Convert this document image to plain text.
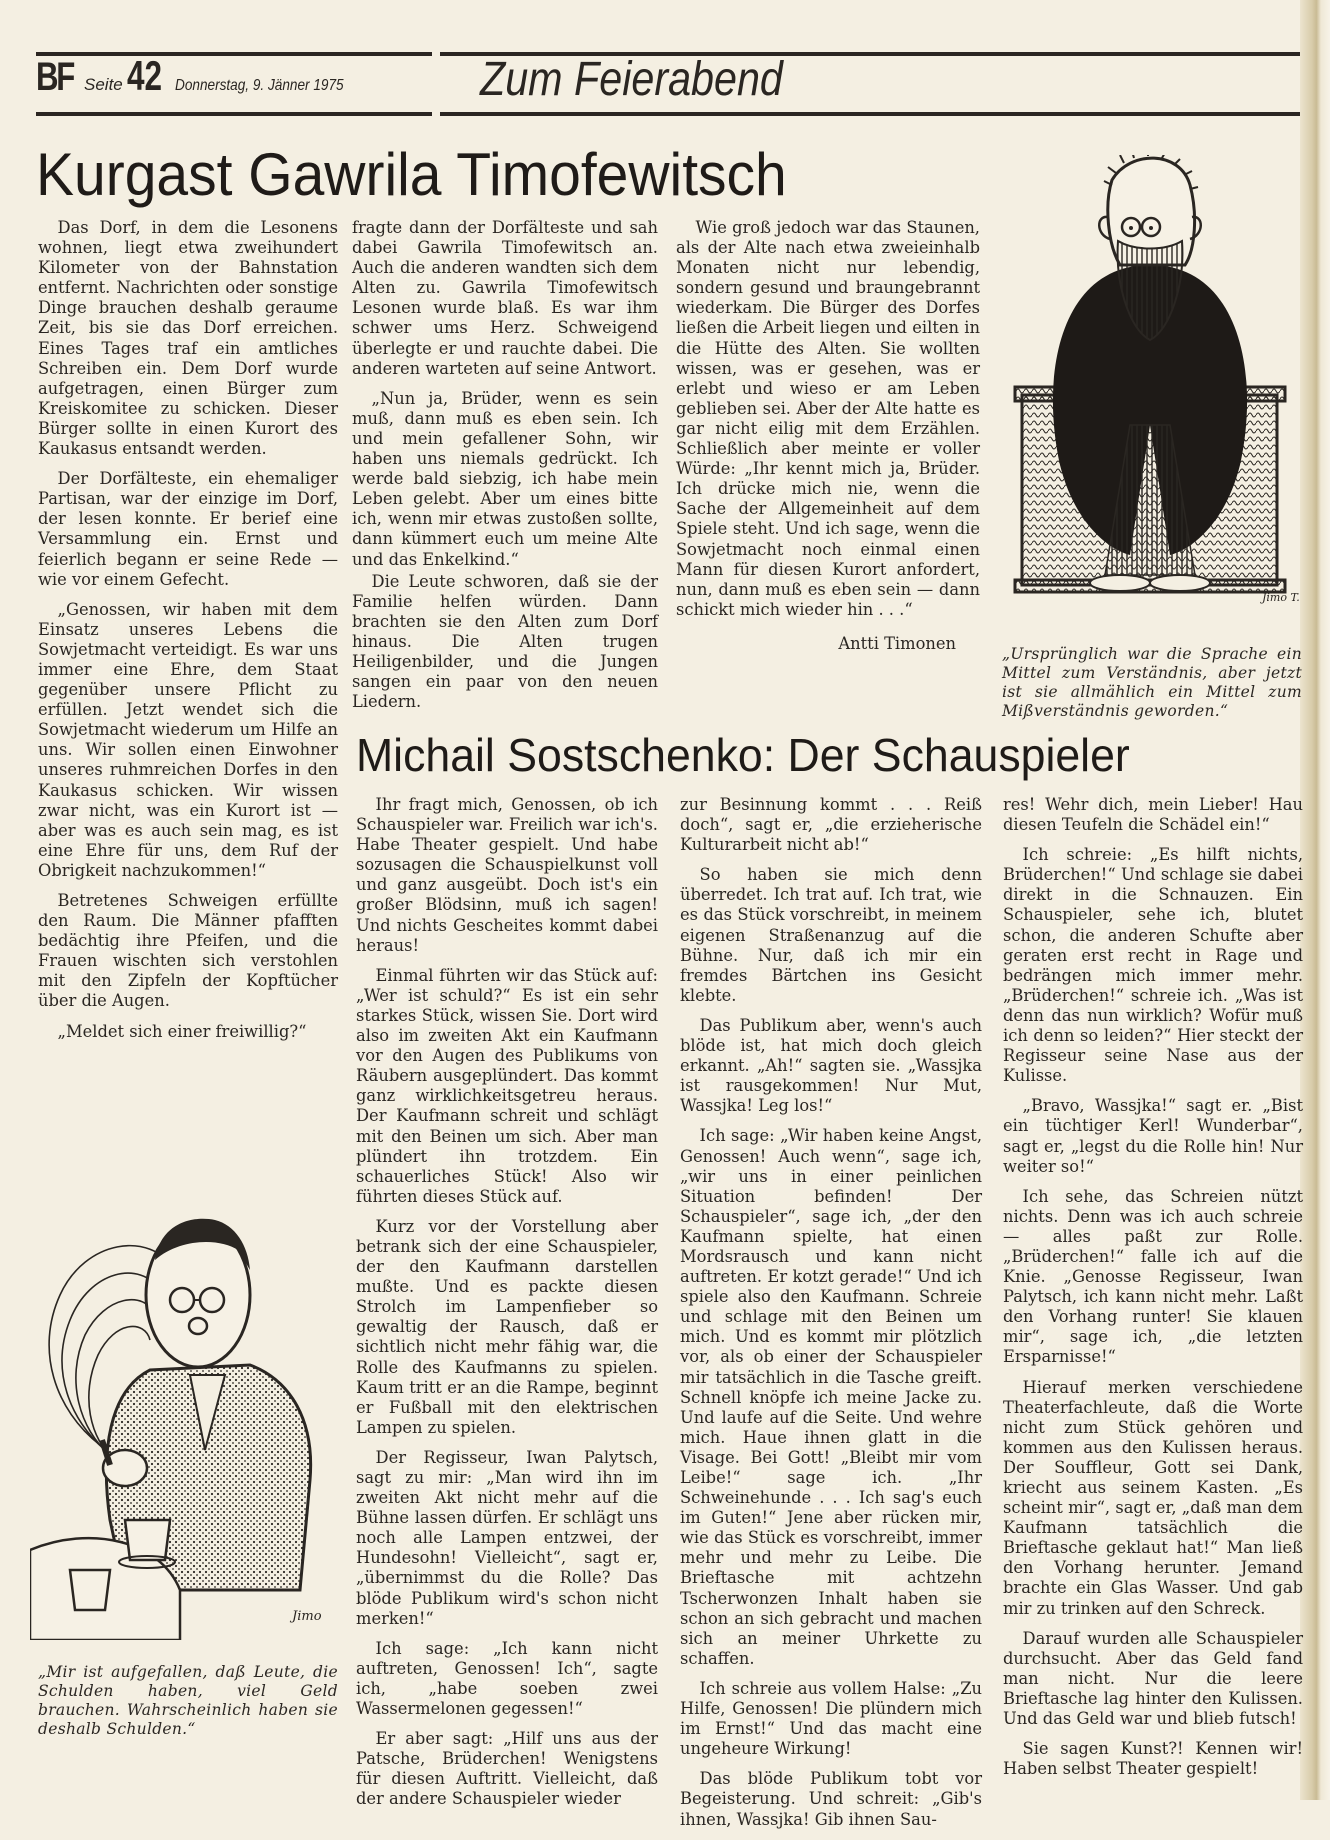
BF Seite 42 Donnerstag, 9. Jänner 1975	Zum Feierabend
Kurgast Gawrila Timofewitsch

Das Dorf, in dem die Lesonens wohnen, liegt etwa zweihundert Kilometer von der Bahnstation entfernt. Nachrichten oder sonstige Dinge brauchen deshalb geraume Zeit, bis sie das Dorf erreichen. Eines Tages traf ein amtliches Schreiben ein. Dem Dorf wurde aufgetragen, einen Bürger zum Kreiskomitee zu schicken. Dieser Bürger sollte in einen Kurort des Kaukasus entsandt werden.

Der Dorfälteste, ein ehemaliger Partisan, war der einzige im Dorf, der lesen konnte. Er berief eine Versammlung ein. Ernst und feierlich begann er seine Rede — wie vor einem Gefecht.

„Genossen, wir haben mit dem Einsatz unseres Lebens die Sowjetmacht verteidigt. Es war uns immer eine Ehre, dem Staat gegenüber unsere Pflicht zu erfüllen. Jetzt wendet sich die Sowjetmacht wiederum um Hilfe an uns. Wir sollen einen Einwohner unseres ruhmreichen Dorfes in den Kaukasus schicken. Wir wissen zwar nicht, was ein Kurort ist — aber was es auch sein mag, es ist eine Ehre für uns, dem Ruf der Obrigkeit nachzukommen!“

Betretenes Schweigen erfüllte den Raum. Die Männer pfafften bedächtig ihre Pfeifen, und die Frauen wischten sich verstohlen mit den Zipfeln der Kopftücher über die Augen.

„Meldet sich einer freiwillig?“

fragte dann der Dorfälteste und sah dabei Gawrila Timofewitsch an. Auch die anderen wandten sich dem Alten zu. Gawrila Timofewitsch Lesonen wurde blaß. Es war ihm schwer ums Herz. Schweigend überlegte er und rauchte dabei. Die anderen warteten auf seine Antwort.

„Nun ja, Brüder, wenn es sein muß, dann muß es eben sein. Ich und mein gefallener Sohn, wir haben uns niemals gedrückt. Ich werde bald siebzig, ich habe mein Leben gelebt. Aber um eines bitte ich, wenn mir etwas zustoßen sollte, dann kümmert euch um meine Alte und das Enkelkind.“

Die Leute schworen, daß sie der Familie helfen würden. Dann brachten sie den Alten zum Dorf hinaus. Die Alten trugen Heiligenbilder, und die Jungen sangen ein paar von den neuen Liedern.

Wie groß jedoch war das Staunen, als der Alte nach etwa zweieinhalb Monaten nicht nur lebendig, sondern gesund und braungebrannt wiederkam. Die Bürger des Dorfes ließen die Arbeit liegen und eilten in die Hütte des Alten. Sie wollten wissen, was er gesehen, was er erlebt und wieso er am Leben geblieben sei. Aber der Alte hatte es gar nicht eilig mit dem Erzählen. Schließlich aber meinte er voller Würde: „Ihr kennt mich ja, Brüder. Ich drücke mich nie, wenn die Sache der Allgemeinheit auf dem Spiele steht. Und ich sage, wenn die Sowjetmacht noch einmal einen Mann für diesen Kurort anfordert, nun, dann muß es eben sein — dann schickt mich wieder hin . . .“

Antti Timonen

Jimo T.
„Ursprünglich war die Sprache ein Mittel zum Verständnis, aber jetzt ist sie allmählich ein Mittel zum Mißverständnis geworden.“
Michail Sostschenko: Der Schauspieler

Ihr fragt mich, Genossen, ob ich Schauspieler war. Freilich war ich's. Habe Theater gespielt. Und habe sozusagen die Schauspielkunst voll und ganz ausgeübt. Doch ist's ein großer Blödsinn, muß ich sagen! Und nichts Gescheites kommt dabei heraus!

Einmal führten wir das Stück auf: „Wer ist schuld?“ Es ist ein sehr starkes Stück, wissen Sie. Dort wird also im zweiten Akt ein Kaufmann vor den Augen des Publikums von Räubern ausgeplündert. Das kommt ganz wirklichkeitsgetreu heraus. Der Kaufmann schreit und schlägt mit den Beinen um sich. Aber man plündert ihn trotzdem. Ein schauerliches Stück! Also wir führten dieses Stück auf.

Kurz vor der Vorstellung aber betrank sich der eine Schauspieler, der den Kaufmann darstellen mußte. Und es packte diesen Strolch im Lampenfieber so gewaltig der Rausch, daß er sichtlich nicht mehr fähig war, die Rolle des Kaufmanns zu spielen. Kaum tritt er an die Rampe, beginnt er Fußball mit den elektrischen Lampen zu spielen.

Der Regisseur, Iwan Palytsch, sagt zu mir: „Man wird ihn im zweiten Akt nicht mehr auf die Bühne lassen dürfen. Er schlägt uns noch alle Lampen entzwei, der Hundesohn! Vielleicht“, sagt er, „übernimmst du die Rolle? Das blöde Publikum wird's schon nicht merken!“

Ich sage: „Ich kann nicht auftreten, Genossen! Ich“, sagte ich, „habe soeben zwei Wassermelonen gegessen!“

Er aber sagt: „Hilf uns aus der Patsche, Brüderchen! Wenigstens für diesen Auftritt. Vielleicht, daß der andere Schauspieler wieder

zur Besinnung kommt . . . Reiß doch“, sagt er, „die erzieherische Kulturarbeit nicht ab!“

So haben sie mich denn überredet. Ich trat auf. Ich trat, wie es das Stück vorschreibt, in meinem eigenen Straßenanzug auf die Bühne. Nur, daß ich mir ein fremdes Bärtchen ins Gesicht klebte.

Das Publikum aber, wenn's auch blöde ist, hat mich doch gleich erkannt. „Ah!“ sagten sie. „Wassjka ist rausgekommen! Nur Mut, Wassjka! Leg los!“

Ich sage: „Wir haben keine Angst, Genossen! Auch wenn“, sage ich, „wir uns in einer peinlichen Situation befinden! Der Schauspieler“, sage ich, „der den Kaufmann spielte, hat einen Mordsrausch und kann nicht auftreten. Er kotzt gerade!“ Und ich spiele also den Kaufmann. Schreie und schlage mit den Beinen um mich. Und es kommt mir plötzlich vor, als ob einer der Schauspieler mir tatsächlich in die Tasche greift. Schnell knöpfe ich meine Jacke zu. Und laufe auf die Seite. Und wehre mich. Haue ihnen glatt in die Visage. Bei Gott! „Bleibt mir vom Leibe!“ sage ich. „Ihr Schweinehunde . . . Ich sag's euch im Guten!“ Jene aber rücken mir, wie das Stück es vorschreibt, immer mehr und mehr zu Leibe. Die Brieftasche mit achtzehn Tscherwonzen Inhalt haben sie schon an sich gebracht und machen sich an meiner Uhrkette zu schaffen.

Ich schreie aus vollem Halse: „Zu Hilfe, Genossen! Die plündern mich im Ernst!“ Und das macht eine ungeheure Wirkung!

Das blöde Publikum tobt vor Begeisterung. Und schreit: „Gib's ihnen, Wassjka! Gib ihnen Sau-

res! Wehr dich, mein Lieber! Hau diesen Teufeln die Schädel ein!“

Ich schreie: „Es hilft nichts, Brüderchen!“ Und schlage sie dabei direkt in die Schnauzen. Ein Schauspieler, sehe ich, blutet schon, die anderen Schufte aber geraten erst recht in Rage und bedrängen mich immer mehr. „Brüderchen!“ schreie ich. „Was ist denn das nun wirklich? Wofür muß ich denn so leiden?“ Hier steckt der Regisseur seine Nase aus der Kulisse.

„Bravo, Wassjka!“ sagt er. „Bist ein tüchtiger Kerl! Wunderbar“, sagt er, „legst du die Rolle hin! Nur weiter so!“

Ich sehe, das Schreien nützt nichts. Denn was ich auch schreie — alles paßt zur Rolle. „Brüderchen!“ falle ich auf die Knie. „Genosse Regisseur, Iwan Palytsch, ich kann nicht mehr. Laßt den Vorhang runter! Sie klauen mir“, sage ich, „die letzten Ersparnisse!“

Hierauf merken verschiedene Theaterfachleute, daß die Worte nicht zum Stück gehören und kommen aus den Kulissen heraus. Der Souffleur, Gott sei Dank, kriecht aus seinem Kasten. „Es scheint mir“, sagt er, „daß man dem Kaufmann tatsächlich die Brieftasche geklaut hat!“ Man ließ den Vorhang herunter. Jemand brachte ein Glas Wasser. Und gab mir zu trinken auf den Schreck.

Darauf wurden alle Schauspieler durchsucht. Aber das Geld fand man nicht. Nur die leere Brieftasche lag hinter den Kulissen. Und das Geld war und blieb futsch!

Sie sagen Kunst?! Kennen wir! Haben selbst Theater gespielt!

Jimo
„Mir ist aufgefallen, daß Leute, die Schulden haben, viel Geld brauchen. Wahrscheinlich haben sie deshalb Schulden.“
